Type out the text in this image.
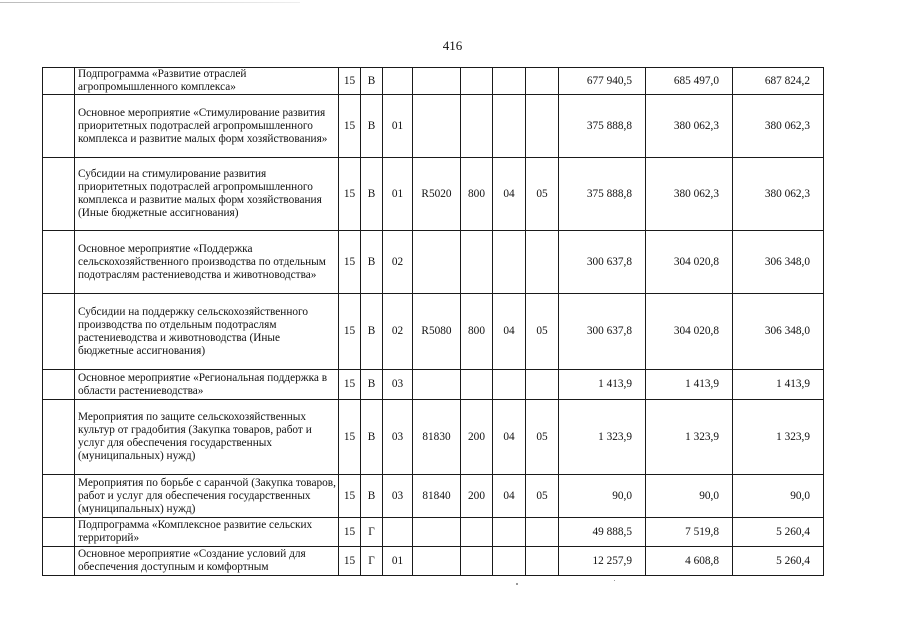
416
	Подпрограмма «Развитие отраслей агропромышленного комплекса»	15	В						677 940,5	685 497,0	687 824,2
	Основное мероприятие «Стимулирование развития приоритетных подотраслей агропромышленного комплекса и развитие малых форм хозяйствования»	15	В	01					375 888,8	380 062,3	380 062,3
	Субсидии на стимулирование развития приоритетных подотраслей агропромышленного комплекса и развитие малых форм хозяйствования (Иные бюджетные ассигнования)	15	В	01	R5020	800	04	05	375 888,8	380 062,3	380 062,3
	Основное мероприятие «Поддержка сельскохозяйственного производства по отдельным подотраслям растениеводства и животноводства»	15	В	02					300 637,8	304 020,8	306 348,0
	Субсидии на поддержку сельскохозяйственного производства по отдельным подотраслям растениеводства и животноводства (Иные бюджетные ассигнования)	15	В	02	R5080	800	04	05	300 637,8	304 020,8	306 348,0
	Основное мероприятие «Региональная поддержка в области растениеводства»	15	В	03					1 413,9	1 413,9	1 413,9
	Мероприятия по защите сельскохозяйственных культур от градобития (Закупка товаров, работ и услуг для обеспечения государственных (муниципальных) нужд)	15	В	03	81830	200	04	05	1 323,9	1 323,9	1 323,9
	Мероприятия по борьбе с саранчой (Закупка товаров, работ и услуг для обеспечения государственных (муниципальных) нужд)	15	В	03	81840	200	04	05	90,0	90,0	90,0
	Подпрограмма «Комплексное развитие сельских территорий»	15	Г						49 888,5	7 519,8	5 260,4
	Основное мероприятие «Создание условий для обеспечения доступным и комфортным	15	Г	01					12 257,9	4 608,8	5 260,4
